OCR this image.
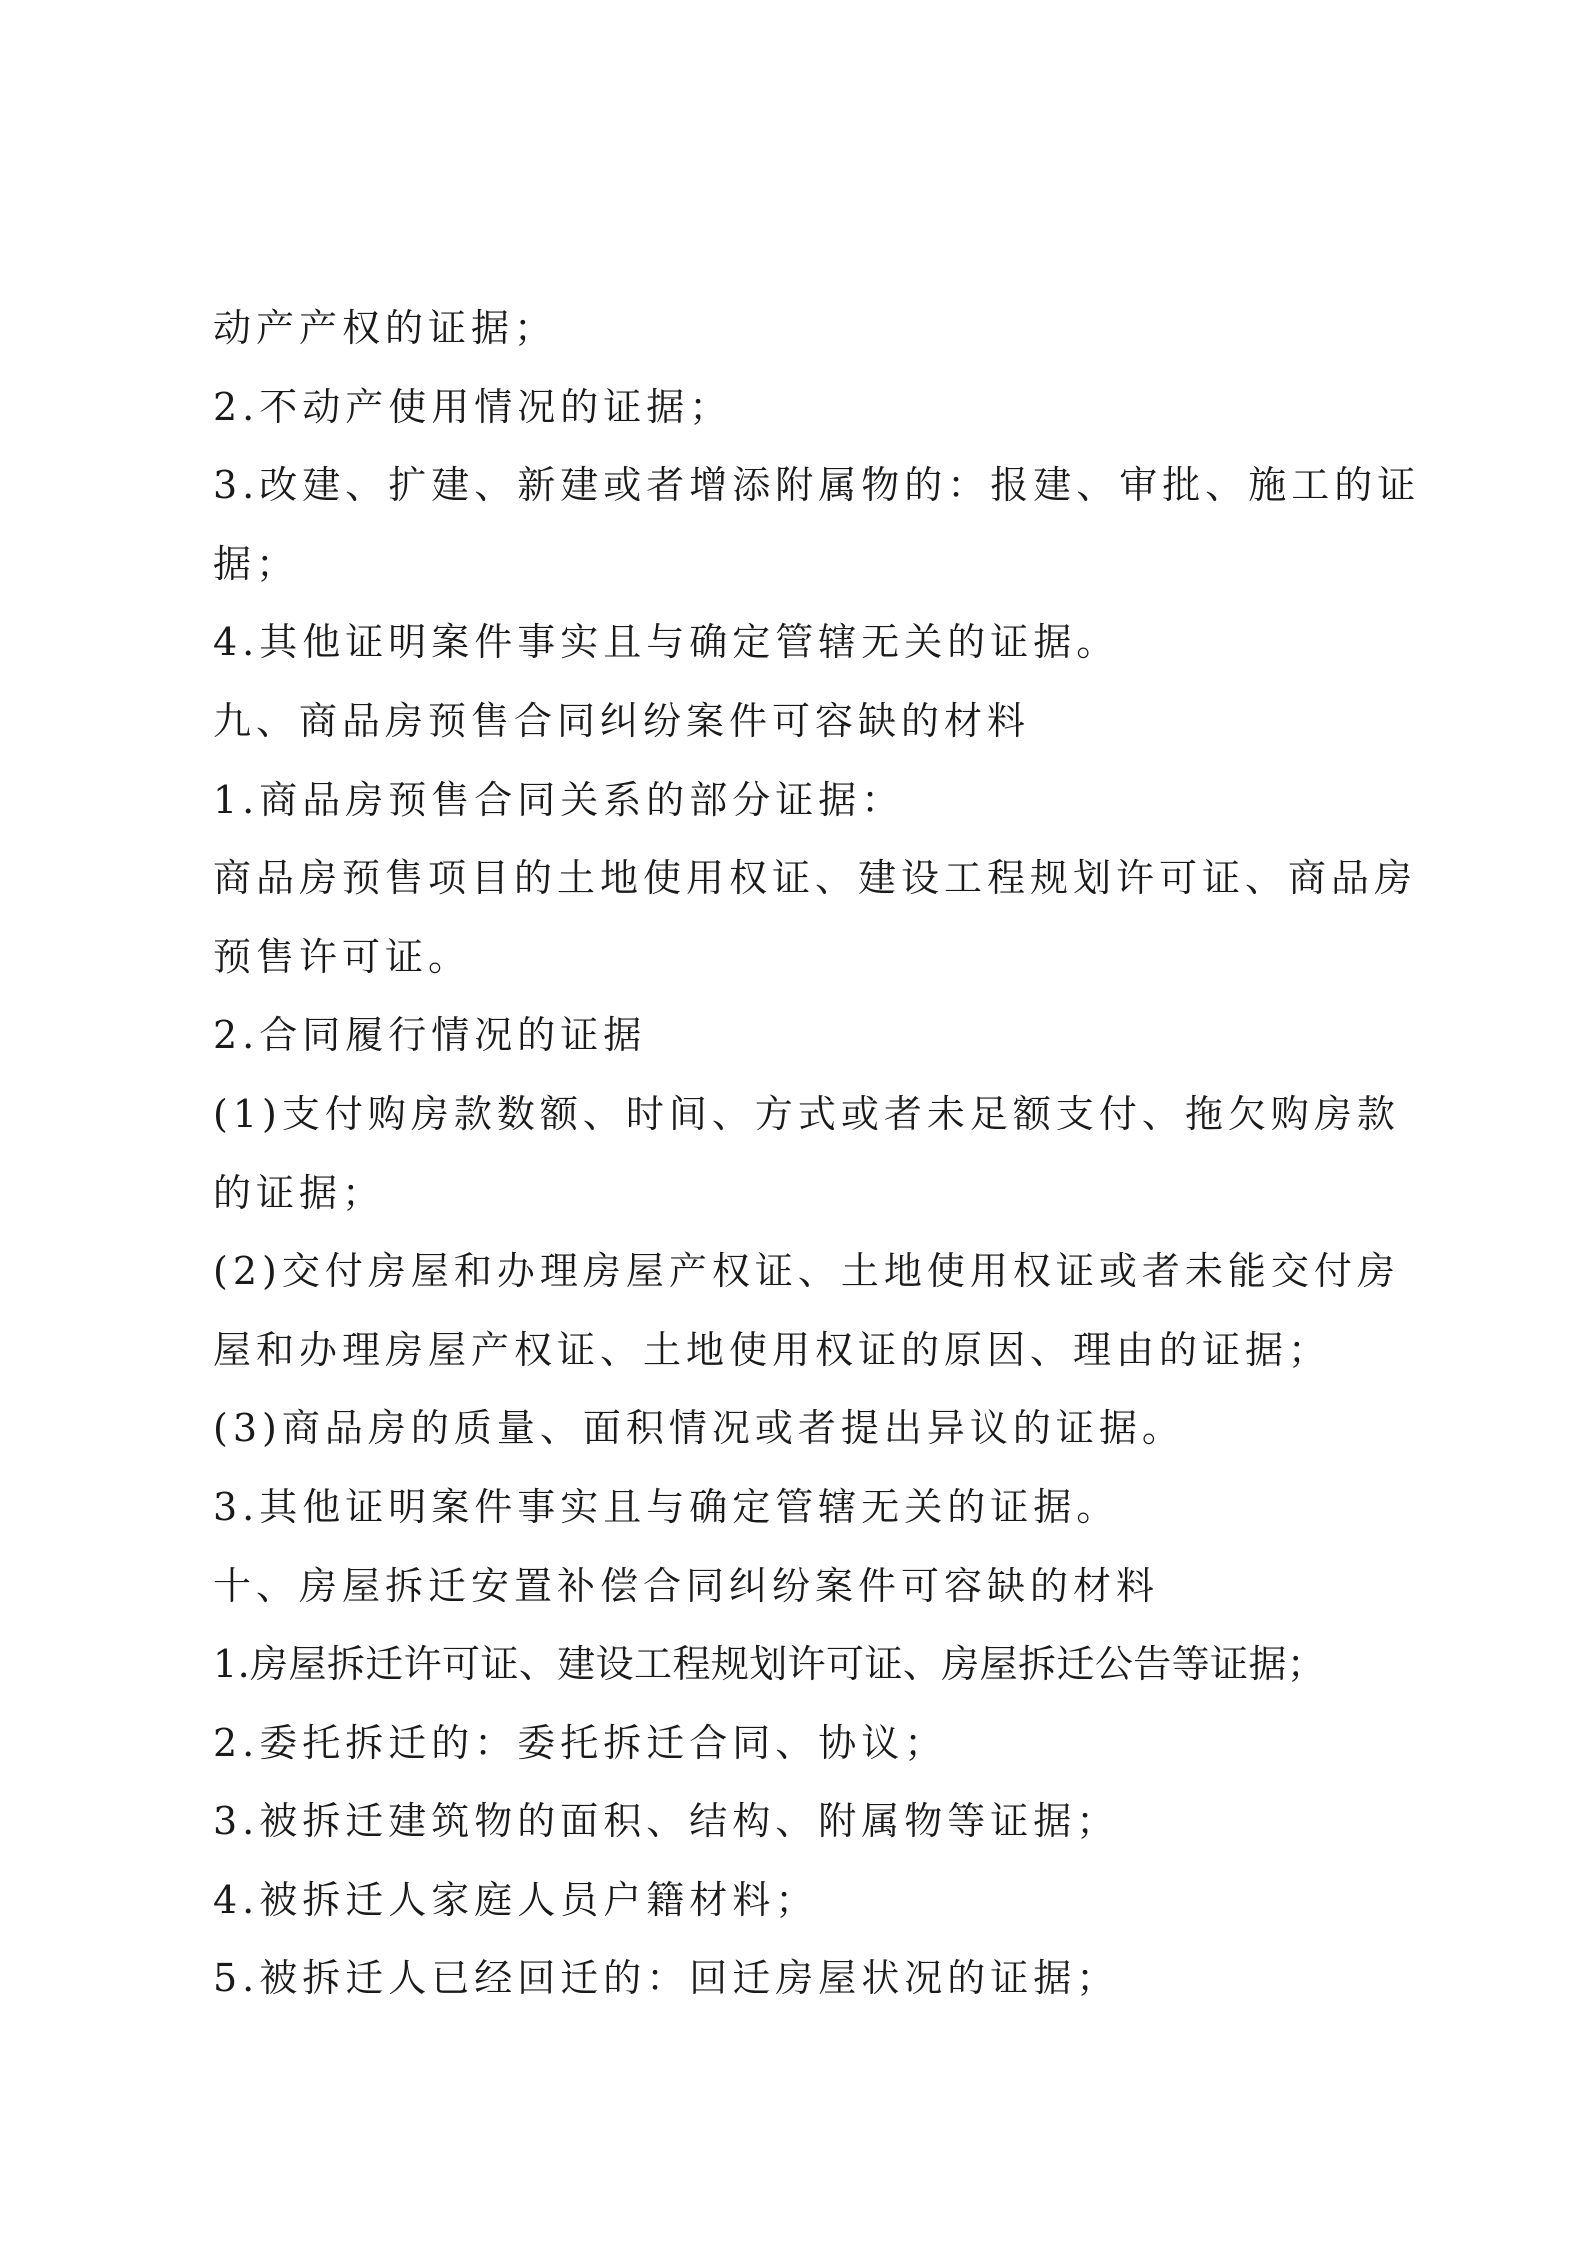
动产产权的证据；
2.不动产使用情况的证据；
3.改建、扩建、新建或者增添附属物的：报建、审批、施工的证
据；
4.其他证明案件事实且与确定管辖无关的证据。
九、商品房预售合同纠纷案件可容缺的材料
1.商品房预售合同关系的部分证据：
商品房预售项目的土地使用权证、建设工程规划许可证、商品房
预售许可证。
2.合同履行情况的证据
(1)支付购房款数额、时间、方式或者未足额支付、拖欠购房款
的证据；
(2)交付房屋和办理房屋产权证、土地使用权证或者未能交付房
屋和办理房屋产权证、土地使用权证的原因、理由的证据；
(3)商品房的质量、面积情况或者提出异议的证据。
3.其他证明案件事实且与确定管辖无关的证据。
十、房屋拆迁安置补偿合同纠纷案件可容缺的材料
1.房屋拆迁许可证、建设工程规划许可证、房屋拆迁公告等证据；
2.委托拆迁的：委托拆迁合同、协议；
3.被拆迁建筑物的面积、结构、附属物等证据；
4.被拆迁人家庭人员户籍材料；
5.被拆迁人已经回迁的：回迁房屋状况的证据；
